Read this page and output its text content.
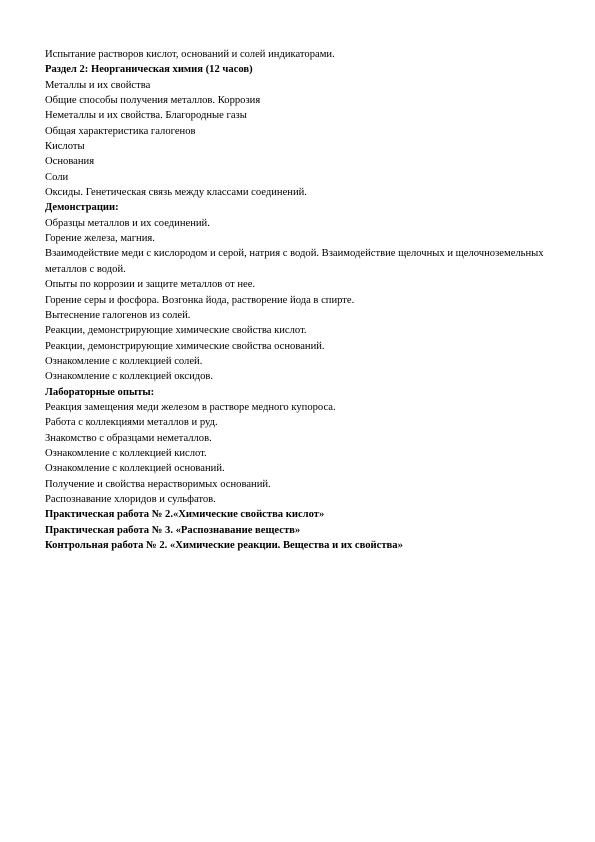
Испытание растворов кислот, оснований и солей индикаторами.
Раздел 2: Неорганическая химия (12 часов)
Металлы и их свойства
Общие способы получения металлов. Коррозия
Неметаллы и их свойства. Благородные газы
Общая характеристика галогенов
Кислоты
Основания
Соли
Оксиды. Генетическая связь между классами соединений.
Демонстрации:
Образцы металлов и их соединений.
Горение железа, магния.
Взаимодействие меди с кислородом и серой, натрия с водой. Взаимодействие щелочных и щелочноземельных металлов с водой.
Опыты по коррозии и защите металлов от нее.
Горение серы и фосфора. Возгонка йода, растворение йода в спирте.
Вытеснение галогенов из солей.
Реакции, демонстрирующие химические свойства кислот.
Реакции, демонстрирующие химические свойства оснований.
Ознакомление с коллекцией солей.
Ознакомление с коллекцией оксидов.
Лабораторные опыты:
Реакция замещения меди железом в растворе медного купороса.
Работа с коллекциями металлов и руд.
Знакомство с образцами неметаллов.
Ознакомление с коллекцией кислот.
Ознакомление с коллекцией оснований.
Получение и свойства нерастворимых оснований.
Распознавание хлоридов и сульфатов.
Практическая работа № 2.«Химические свойства кислот»
Практическая работа № 3. «Распознавание веществ»
Контрольная работа № 2. «Химические реакции. Вещества и их свойства»
